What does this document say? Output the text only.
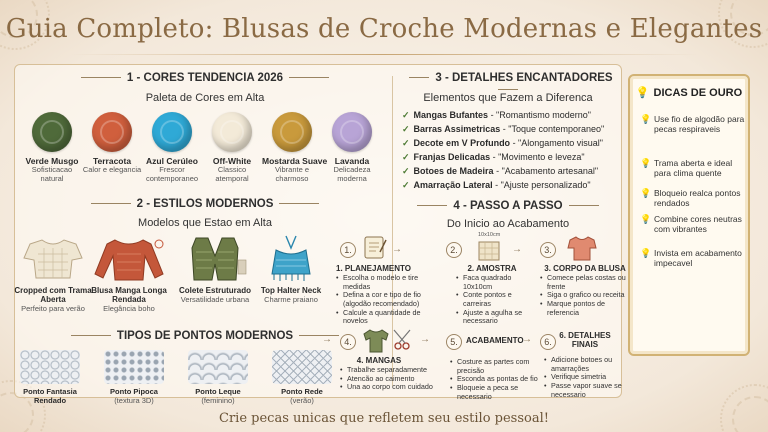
Guia Completo: Blusas de Croche Modernas e Elegantes
1 - CORES TENDENCIA 2026
Paleta de Cores em Alta
Verde Musgo
Sofisticacao natural
Terracota
Calor e elegancia
Azul Cerúleo
Frescor contemporaneo
Off-White
Classico atemporal
Mostarda Suave
Vibrante e charmoso
Lavanda
Delicadeza moderna
2 - ESTILOS MODERNOS
Modelos que Estao em Alta
Cropped com Trama Aberta
Perfeito para verão
Blusa Manga Longa Rendada
Elegância boho
Colete Estruturado
Versatilidade urbana
Top Halter Neck
Charme praiano
TIPOS DE PONTOS MODERNOS
Ponto Fantasia Rendado
Ponto Pipoca
(textura 3D)
Ponto Leque
(feminino)
Ponto Rede
(verão)
3 - DETALHES ENCANTADORES
Elementos que Fazem a Diferenca
✓ Mangas Bufantes - "Romantismo moderno"
✓ Barras Assimetricas - "Toque contemporaneo"
✓ Decote em V Profundo - "Alongamento visual"
✓ Franjas Delicadas - "Movimento e leveza"
✓ Botoes de Madeira - "Acabamento artesanal"
✓ Amarração Lateral - "Ajuste personalizado"
4 - PASSO A PASSO
Do Inicio ao Acabamento
1.	→	2.
10x10cm
→	3.
1. PLANEJAMENTO
• Escolha o modelo e tire medidas
• Defina a cor e tipo de fio (algodão recomendado)
• Calcule a quantidade de novelos
2. AMOSTRA
• Faca quadrado 10x10cm
• Conte pontos e carreiras
• Ajuste a agulha se necessario
3. CORPO DA BLUSA
• Comece pelas costas ou frente
• Siga o grafico ou receita
• Marque pontos de referencia
→	4.	→	5.	ACABAMENTO
→	6.
4. MANGAS
• Trabalhe separadamente
• Atencão ao caimento
• Una ao corpo com cuidado
• Costure as partes com precisão
• Esconda as pontas de fio
• Bloqueie a peca se necessario
6. DETALHES FINAIS
• Adicione botoes ou amarrações
• Verifique simetria
• Passe vapor suave se necessario
💡 DICAS DE OURO
💡 Use fio de algodão para pecas respiraveis
💡 Trama aberta e ideal para clima quente
💡 Bloqueio realca pontos rendados
💡 Combine cores neutras com vibrantes
💡 Invista em acabamento impecavel
Crie pecas unicas que refletem seu estilo pessoal!
